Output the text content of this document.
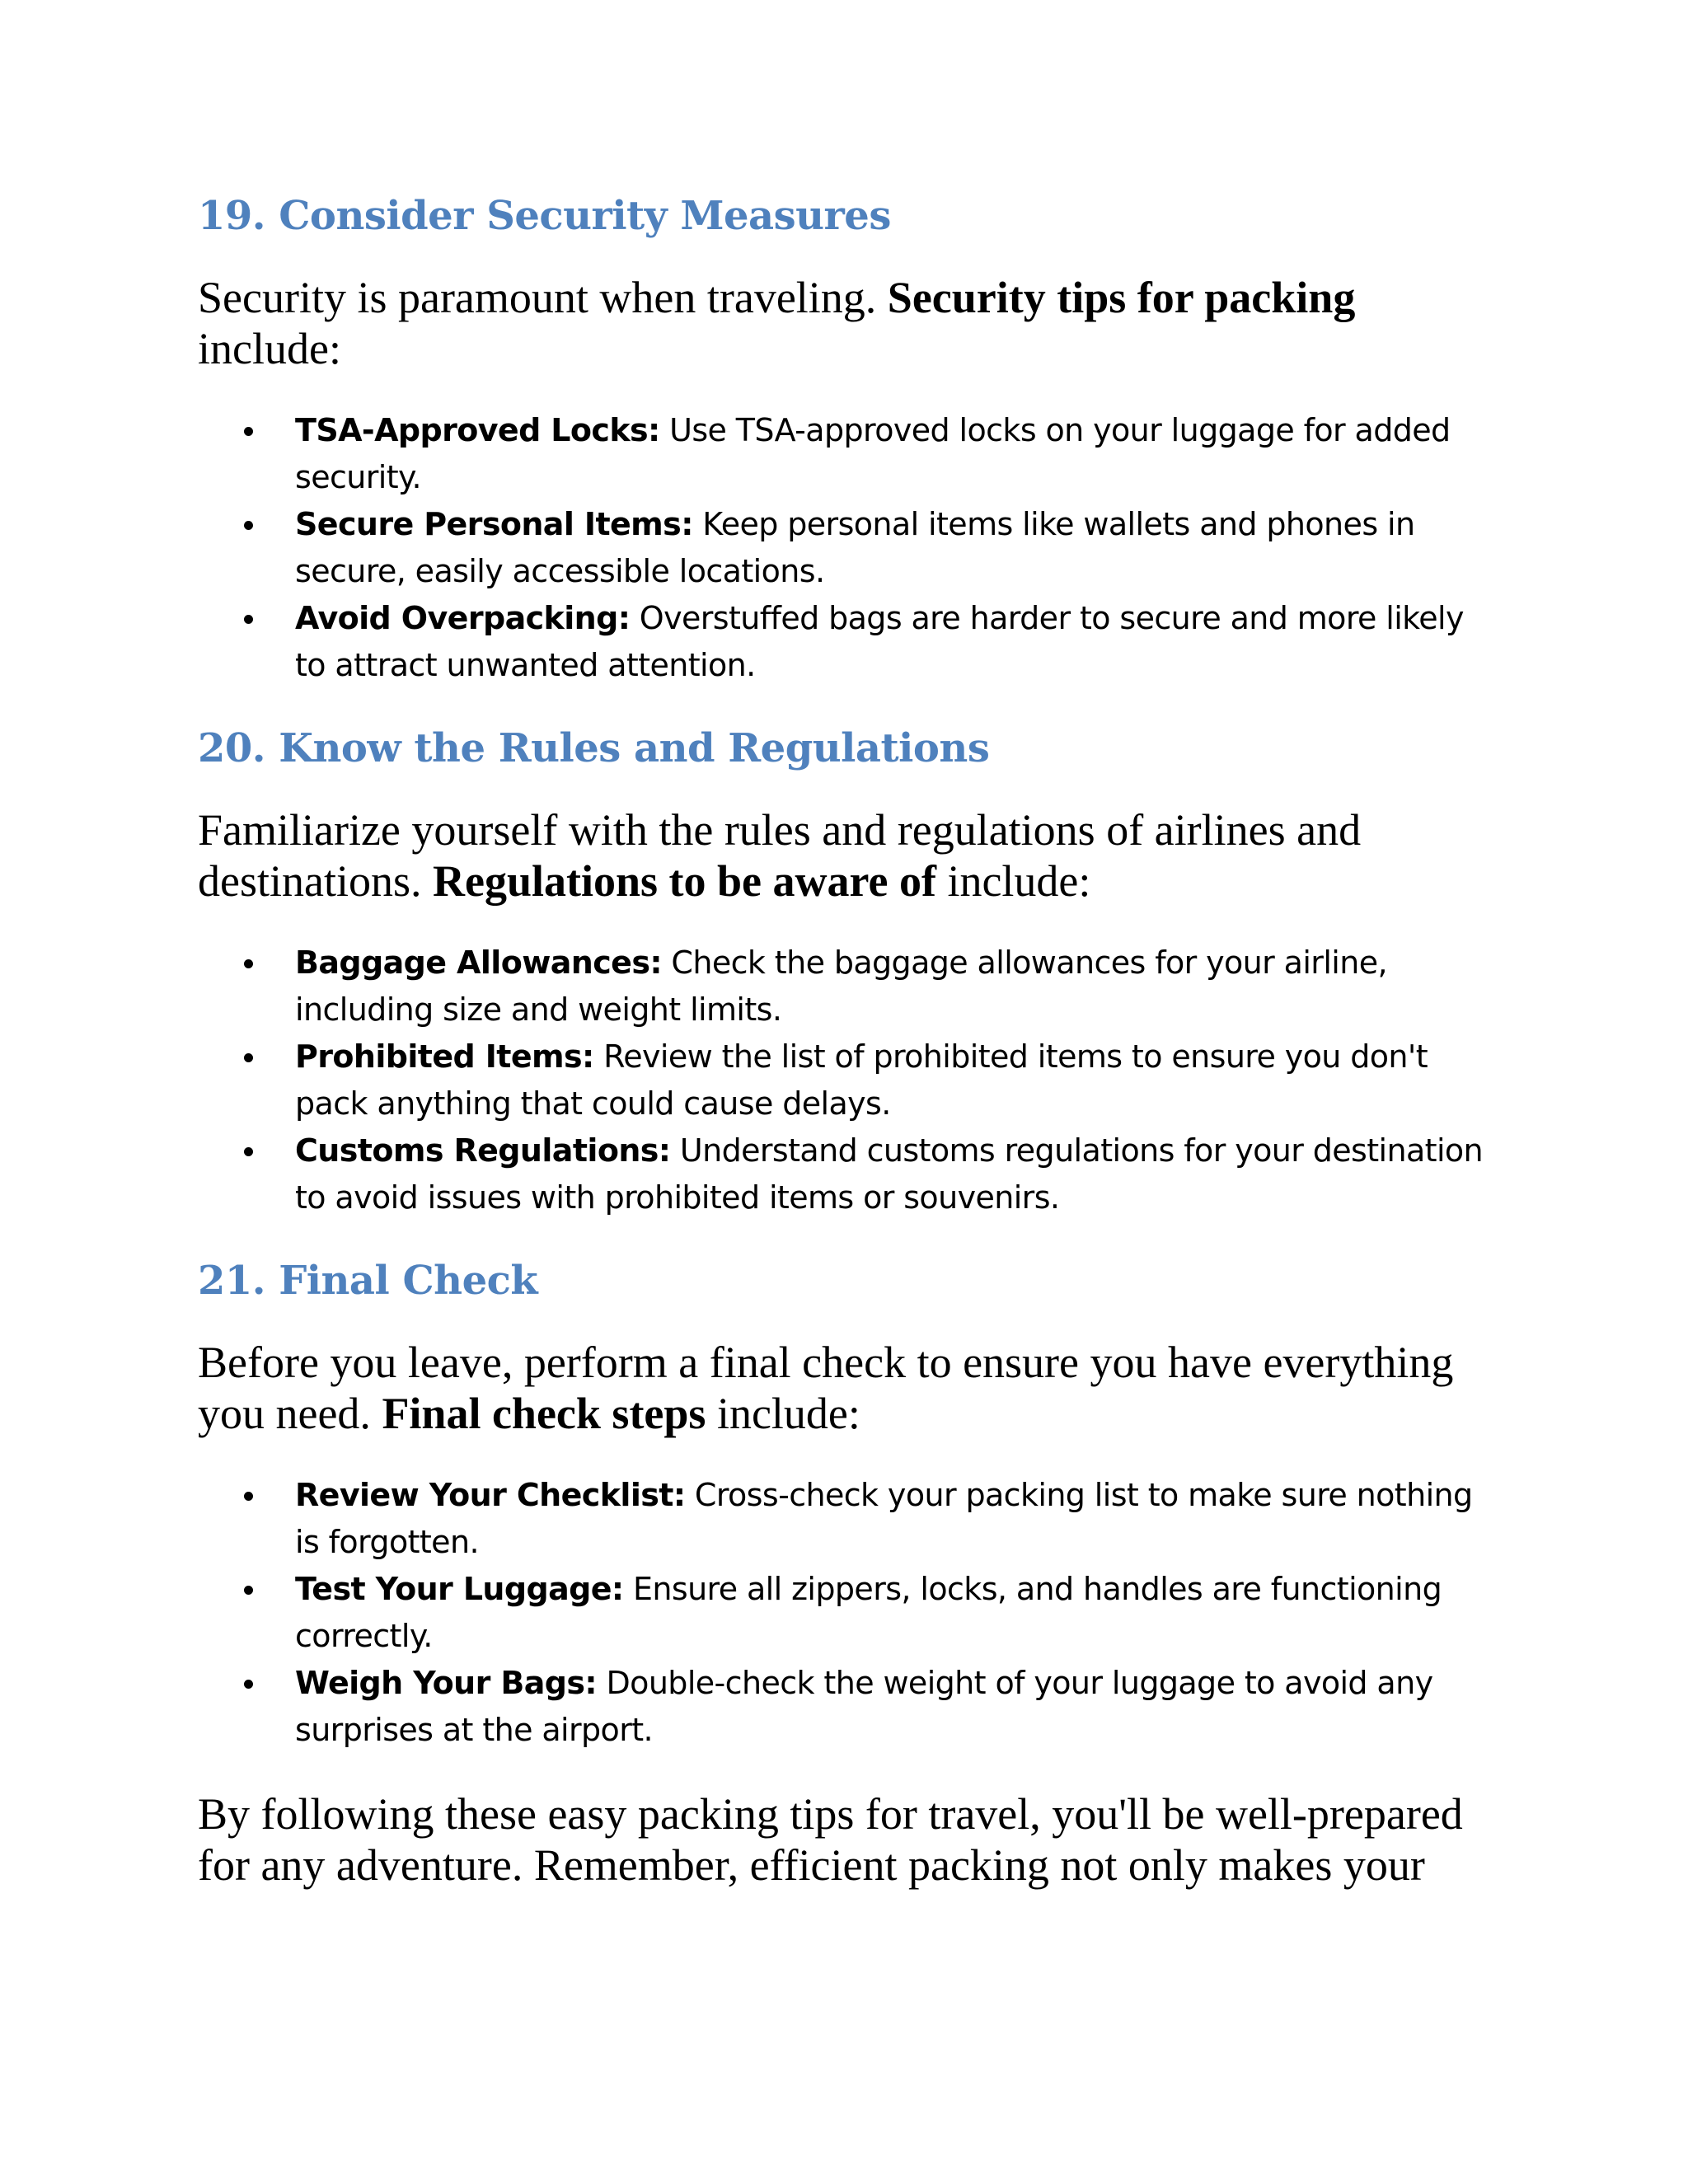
19. Consider Security Measures

Security is paramount when traveling. Security tips for packing include:

TSA-Approved Locks: Use TSA-approved locks on your luggage for added security.
Secure Personal Items: Keep personal items like wallets and phones in secure, easily accessible locations.
Avoid Overpacking: Overstuffed bags are harder to secure and more likely to attract unwanted attention.
20. Know the Rules and Regulations

Familiarize yourself with the rules and regulations of airlines and destinations. Regulations to be aware of include:

Baggage Allowances: Check the baggage allowances for your airline, including size and weight limits.
Prohibited Items: Review the list of prohibited items to ensure you don't pack anything that could cause delays.
Customs Regulations: Understand customs regulations for your destination to avoid issues with prohibited items or souvenirs.
21. Final Check

Before you leave, perform a final check to ensure you have everything you need. Final check steps include:

Review Your Checklist: Cross-check your packing list to make sure nothing is forgotten.
Test Your Luggage: Ensure all zippers, locks, and handles are functioning correctly.
Weigh Your Bags: Double-check the weight of your luggage to avoid any surprises at the airport.

By following these easy packing tips for travel, you'll be well-prepared for any adventure. Remember, efficient packing not only makes your
